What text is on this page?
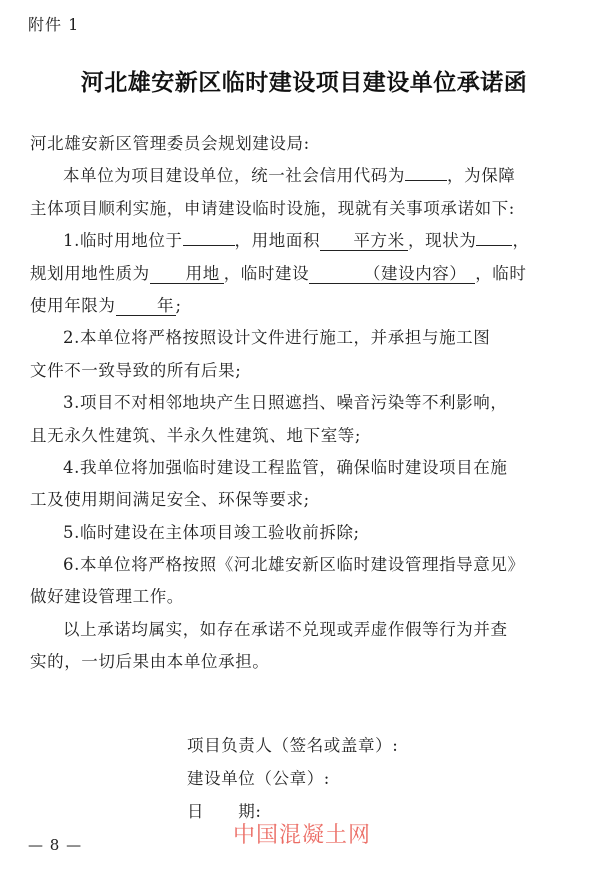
附件 1
河北雄安新区临时建设项目建设单位承诺函
河北雄安新区管理委员会规划建设局:
本单位为项目建设单位，统一社会信用代码为	，为保障
主体项目顺利实施，申请建设临时设施，现就有关事项承诺如下:
1.临时用地位于	，用地面积 平方米 ，现状为 ，
规划用地性质为 用地 ，临时建设	（建设内容） ，临时
使用年限为	年;
2.本单位将严格按照设计文件进行施工，并承担与施工图
文件不一致导致的所有后果;
3.项目不对相邻地块产生日照遮挡、噪音污染等不利影响，
且无永久性建筑、半永久性建筑、地下室等;
4.我单位将加强临时建设工程监管，确保临时建设项目在施
工及使用期间满足安全、环保等要求;
5.临时建设在主体项目竣工验收前拆除;
6.本单位将严格按照《河北雄安新区临时建设管理指导意见》
做好建设管理工作。
以上承诺均属实，如存在承诺不兑现或弄虚作假等行为并查
实的，一切后果由本单位承担。
项目负责人（签名或盖章）:
建设单位（公章）:
日　　期:
— 8 —	中国混凝土网
